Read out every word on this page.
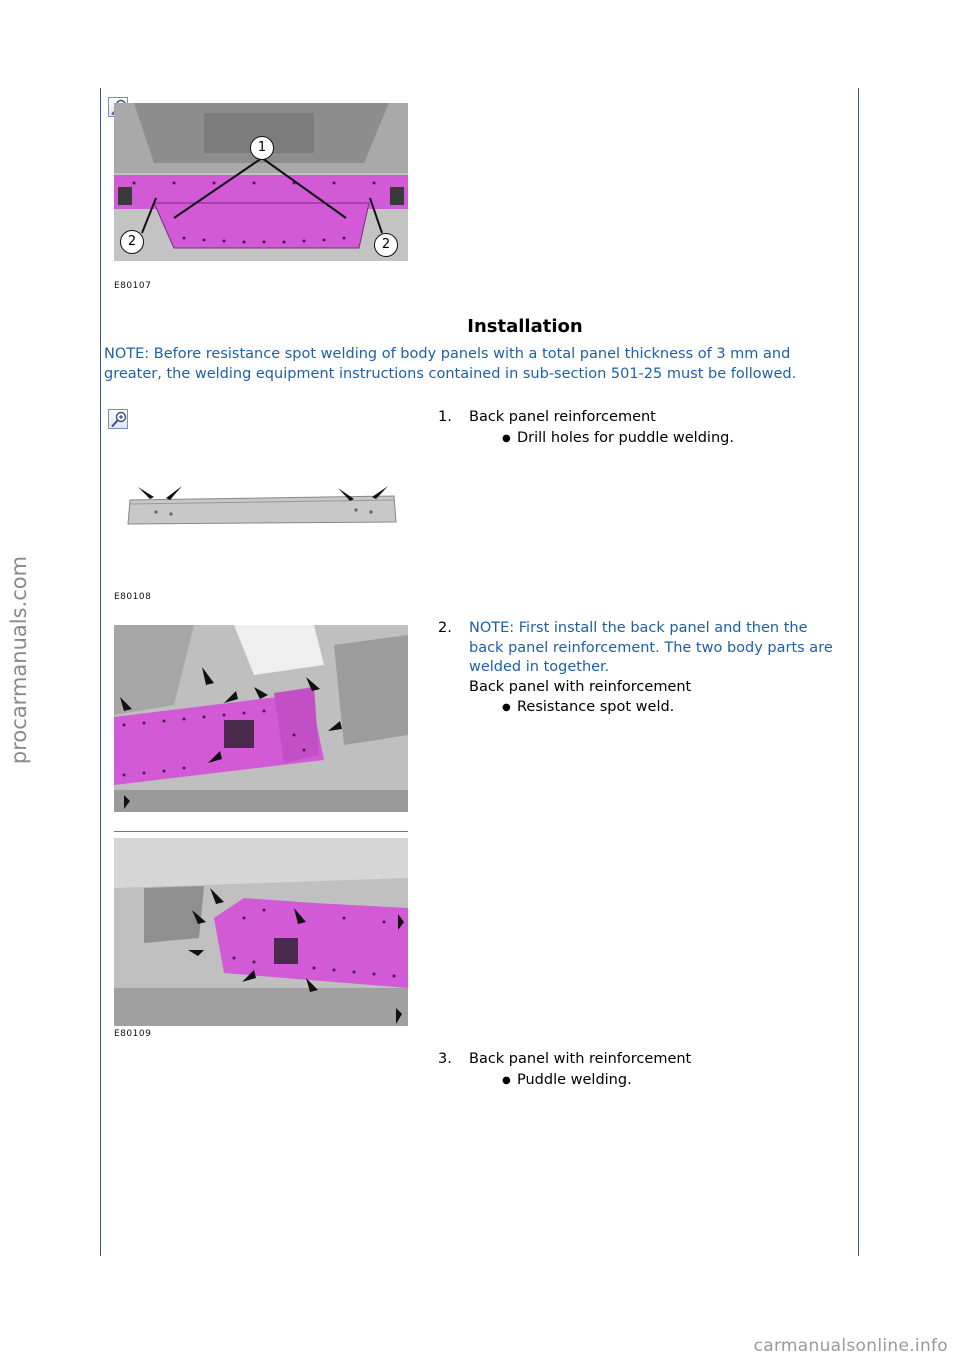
procarmanuals.com
carmanualsonline.info
1
2	2
E80107
Installation
NOTE: Before resistance spot welding of body panels with a total panel thickness of 3 mm and greater, the welding equipment instructions contained in sub-section 501-25 must be followed.
E80108
1. Back panel reinforcement
● Drill holes for puddle welding.
E80109
2. NOTE: First install the back panel and then the back panel reinforcement. The two body parts are welded in together.
Back panel with reinforcement
● Resistance spot weld.
3. Back panel with reinforcement
● Puddle welding.
